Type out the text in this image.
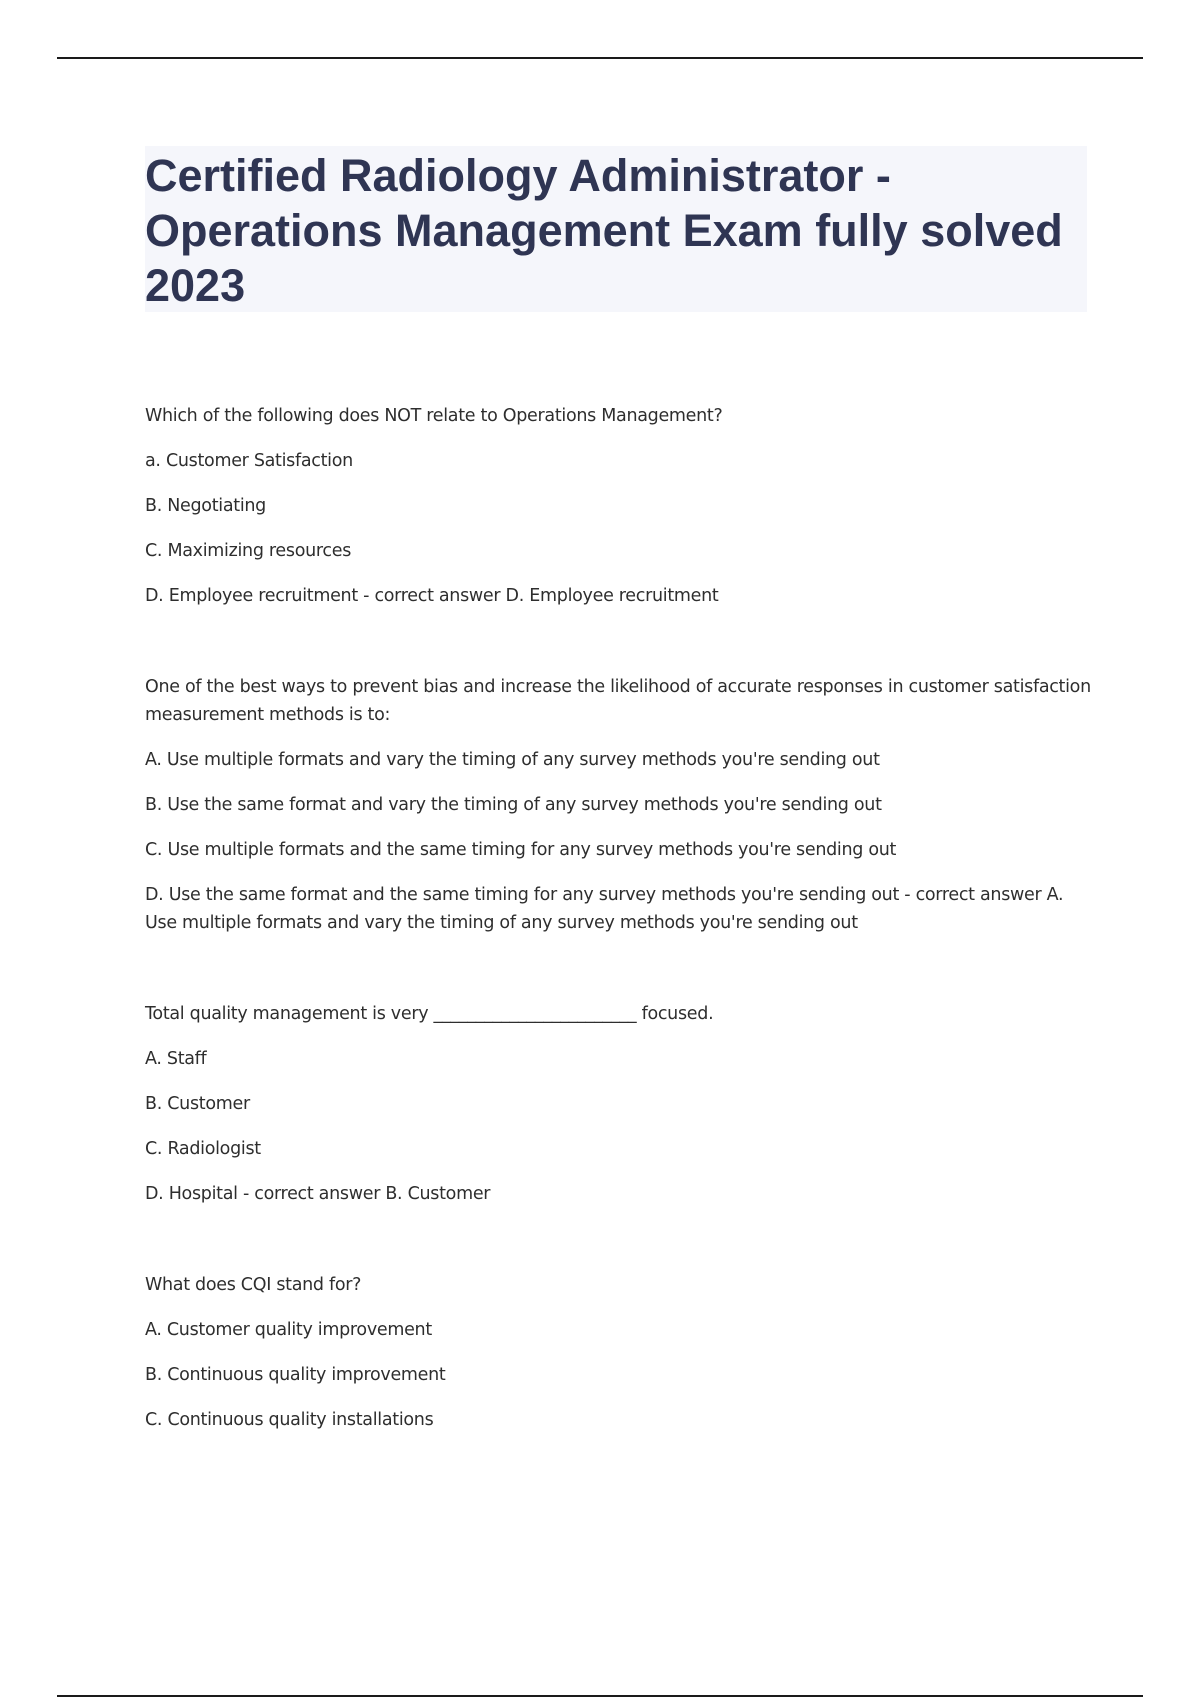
Certified Radiology Administrator - Operations Management Exam fully solved 2023

Which of the following does NOT relate to Operations Management?

a. Customer Satisfaction

B. Negotiating

C. Maximizing resources

D. Employee recruitment - correct answer D. Employee recruitment

One of the best ways to prevent bias and increase the likelihood of accurate responses in customer satisfaction measurement methods is to:

A. Use multiple formats and vary the timing of any survey methods you're sending out

B. Use the same format and vary the timing of any survey methods you're sending out

C. Use multiple formats and the same timing for any survey methods you're sending out

D. Use the same format and the same timing for any survey methods you're sending out - correct answer A. Use multiple formats and vary the timing of any survey methods you're sending out

Total quality management is very ________________________ focused.

A. Staff

B. Customer

C. Radiologist

D. Hospital - correct answer B. Customer

What does CQI stand for?

A. Customer quality improvement

B. Continuous quality improvement

C. Continuous quality installations
